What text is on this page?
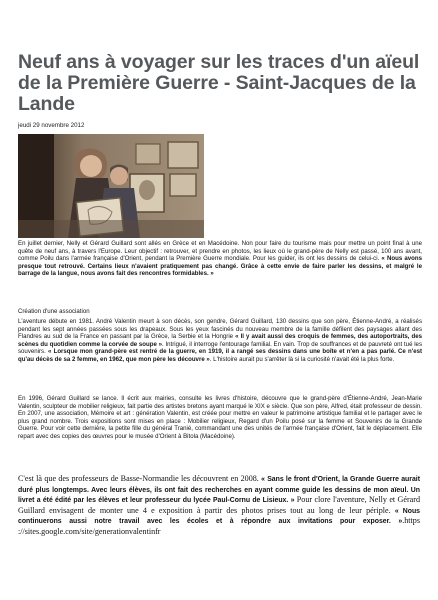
Neuf ans à voyager sur les traces d'un aïeul de la Première Guerre - Saint-Jacques de la Lande
jeudi 29 novembre 2012
En juillet dernier, Nelly et Gérard Guillard sont allés en Grèce et en Macédoine. Non pour faire du tourisme mais pour mettre un point final à une quête de neuf ans, à travers l'Europe. Leur objectif : retrouver, et prendre en photos, les lieux où le grand-père de Nelly est passé, 100 ans avant, comme Poilu dans l'armée française d'Orient, pendant la Première Guerre mondiale. Pour les guider, ils ont les dessins de celui-ci. « Nous avons presque tout retrouvé. Certains lieux n'avaient pratiquement pas changé. Grâce à cette envie de faire parler les dessins, et malgré le barrage de la langue, nous avons fait des rencontres formidables. »
Création d'une association
L'aventure débute en 1981. André Valentin meurt à son décès, son gendre, Gérard Guillard, 130 dessins que son père, Étienne-André, a réalisés pendant les sept années passées sous les drapeaux. Sous les yeux fascinés du nouveau membre de la famille défilent des paysages allant des Flandres au sud de la France en passant par la Grèce, la Serbie et la Hongrie « Il y avait aussi des croquis de femmes, des autoportraits, des scènes du quotidien comme la corvée de soupe ». Intrigué, il interroge l'entourage familial. En vain. Trop de souffrances et de pauvreté ont tué les souvenirs. « Lorsque mon grand-père est rentré de la guerre, en 1919, il a rangé ses dessins dans une boîte et n'en a pas parlé. Ce n'est qu'au décès de sa 2 femme, en 1962, que mon père les découvre ». L'histoire aurait pu s'arrêter là si la curiosité n'avait été la plus forte.
En 1996, Gérard Guillard se lance. Il écrit aux mairies, consulte les livres d'histoire, découvre que le grand-père d'Étienne-André, Jean-Marie Valentin, sculpteur de mobilier religieux, fait partie des artistes bretons ayant marqué le XIX e siècle. Que son père, Alfred, était professeur de dessin. En 2007, une association, Mémoire et art : génération Valentin, est créée pour mettre en valeur le patrimoine artistique familial et le partager avec le plus grand nombre. Trois expositions sont mises en place : Mobilier religieux, Regard d'un Poilu posé sur la femme et Souvenirs de la Grande Guerre. Pour voir cette dernière, la petite fille du général Tranié, commandant une des unités de l'armée française d'Orient, fait le déplacement. Elle repart avec des copies des œuvres pour le musée d'Orient à Bitola (Macédoine).
C'est là que des professeurs de Basse-Normandie les découvrent en 2008. « Sans le front d'Orient, la Grande Guerre aurait duré plus longtemps. Avec leurs élèves, ils ont fait des recherches en ayant comme guide les dessins de mon aïeul. Un livret a été édité par les élèves et leur professeur du lycée Paul-Cornu de Lisieux. » Pour clore l'aventure, Nelly et Gérard Guillard envisagent de monter une 4 e exposition à partir des photos prises tout au long de leur périple. « Nous continuerons aussi notre travail avec les écoles et à répondre aux invitations pour exposer. ».https ://sites.google.com/site/generationvalentinfr
